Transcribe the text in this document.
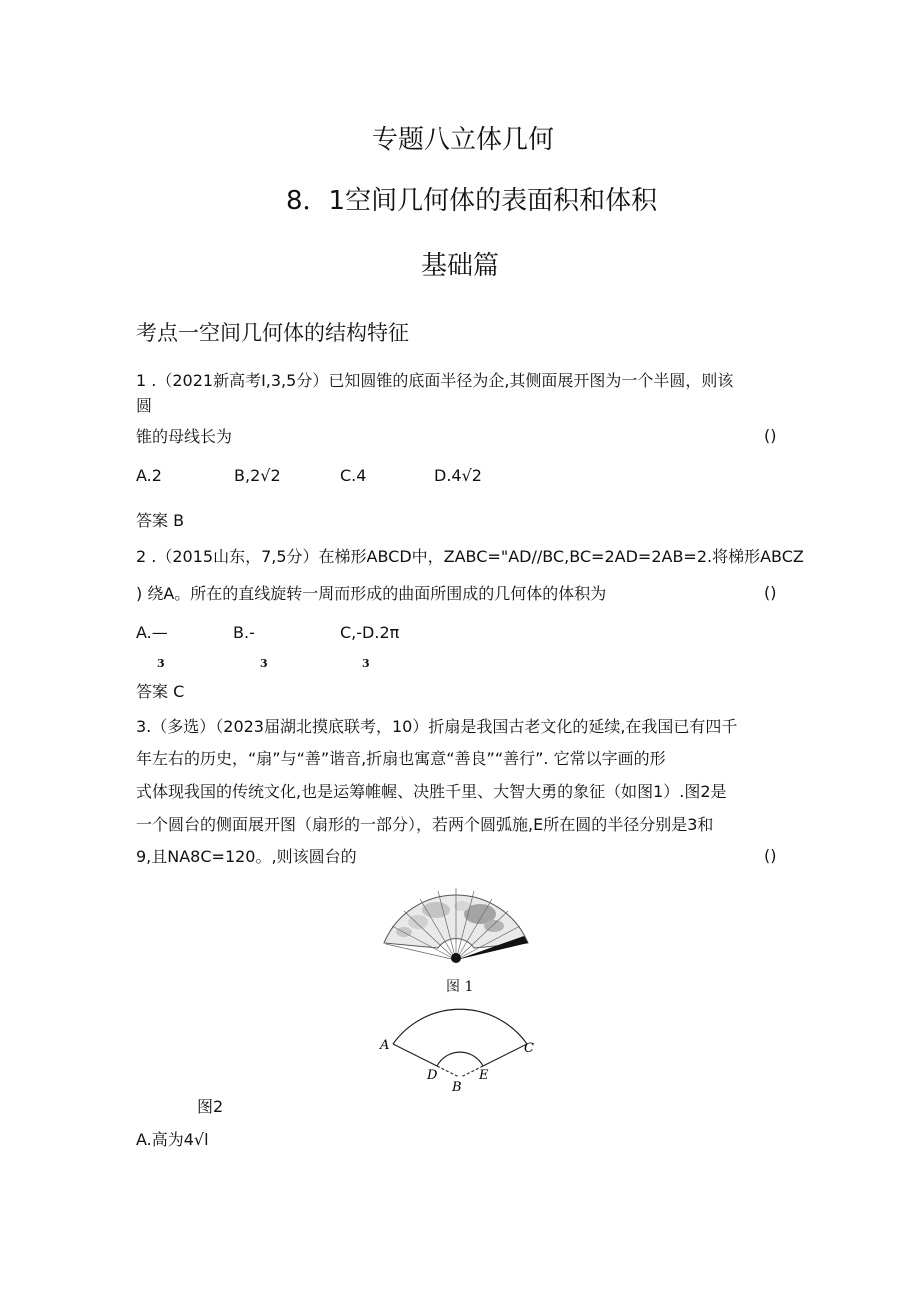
专题八立体几何
8．1空间几何体的表面积和体积
基础篇
考点一空间几何体的结构特征
1 .（2021新高考I,3,5分）已知圆锥的底面半径为企,其侧面展开图为一个半圆，则该
圆
锥的母线长为	()
A.2	B,2√2	C.4	D.4√2
答案 B
2 .（2015山东，7,5分）在梯形ABCD中，ZABC="AD//BC,BC=2AD=2AB=2.将梯形ABCZ
) 绕A。所在的直线旋转一周而形成的曲面所围成的几何体的体积为	()
A.—	B.-	C,-D.2π
3	3	3
答案 C
3.（多选）（2023届湖北摸底联考，10）折扇是我国古老文化的延续,在我国已有四千
年左右的历史，“扇”与“善”谐音,折扇也寓意“善良”“善行”. 它常以字画的形
式体现我国的传统文化,也是运筹帷幄、决胜千里、大智大勇的象征（如图1）.图2是
一个圆台的侧面展开图（扇形的一部分），若两个圆弧施,E所在圆的半径分别是3和
9,且NA8C=120。,则该圆台的	()
图 1
A	C
D	E
B
图2
A.高为4√l
